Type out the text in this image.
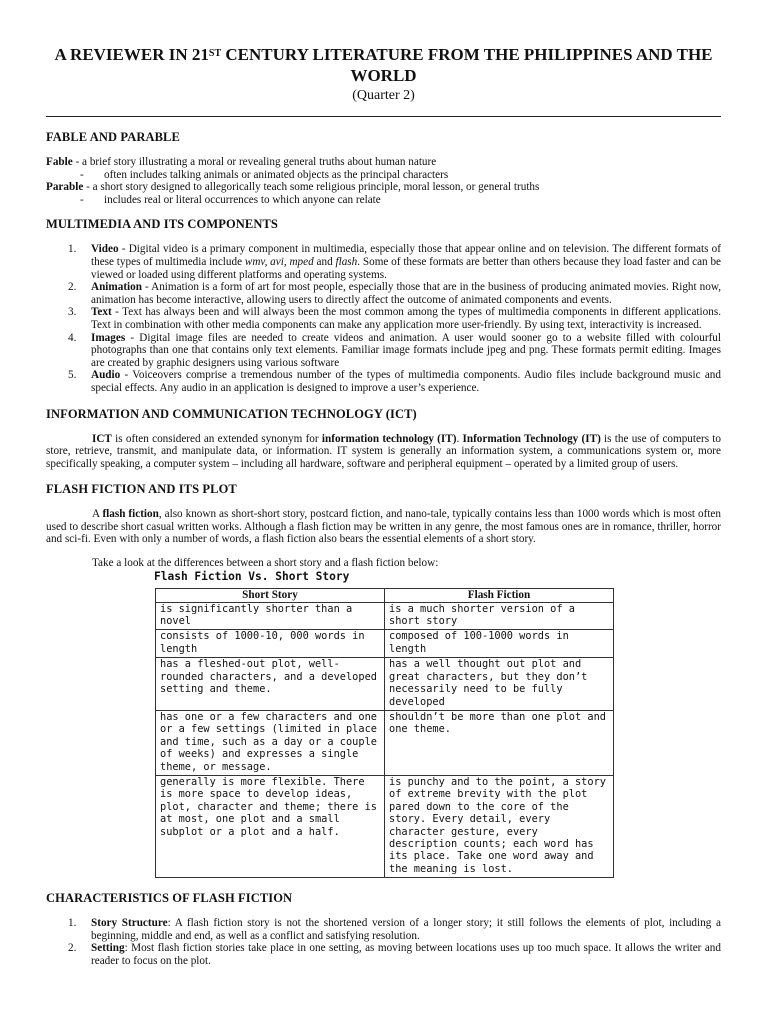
A REVIEWER IN 21ST CENTURY LITERATURE FROM THE PHILIPPINES AND THE WORLD
(Quarter 2)
FABLE AND PARABLE

Fable - a brief story illustrating a moral or revealing general truths about human nature

-	often includes talking animals or animated objects as the principal characters

Parable - a short story designed to allegorically teach some religious principle, moral lesson, or general truths

-	includes real or literal occurrences to which anyone can relate

MULTIMEDIA AND ITS COMPONENTS
1. Video - Digital video is a primary component in multimedia, especially those that appear online and on television. The different formats of these types of multimedia include wmv, avi, mped and flash. Some of these formats are better than others because they load faster and can be viewed or loaded using different platforms and operating systems.
2. Animation - Animation is a form of art for most people, especially those that are in the business of producing animated movies. Right now, animation has become interactive, allowing users to directly affect the outcome of animated components and events.
3. Text - Text has always been and will always been the most common among the types of multimedia components in different applications. Text in combination with other media components can make any application more user-friendly. By using text, interactivity is increased.
4. Images - Digital image files are needed to create videos and animation. A user would sooner go to a website filled with colourful photographs than one that contains only text elements. Familiar image formats include jpeg and png. These formats permit editing. Images are created by graphic designers using various software
5. Audio - Voiceovers comprise a tremendous number of the types of multimedia components. Audio files include background music and special effects. Any audio in an application is designed to improve a user’s experience.
INFORMATION AND COMMUNICATION TECHNOLOGY (ICT)

ICT is often considered an extended synonym for information technology (IT). Information Technology (IT) is the use of computers to store, retrieve, transmit, and manipulate data, or information. IT system is generally an information system, a communications system or, more specifically speaking, a computer system – including all hardware, software and peripheral equipment – operated by a limited group of users.

FLASH FICTION AND ITS PLOT

A flash fiction, also known as short-short story, postcard fiction, and nano-tale, typically contains less than 1000 words which is most often used to describe short casual written works. Although a flash fiction may be written in any genre, the most famous ones are in romance, thriller, horror and sci-fi. Even with only a number of words, a flash fiction also bears the essential elements of a short story.

Take a look at the differences between a short story and a flash fiction below:

Flash Fiction Vs. Short Story
Short Story	Flash Fiction
is significantly shorter than a novel	is a much shorter version of a short story
consists of 1000-10, 000 words in length	composed of 100-1000 words in length
has a fleshed-out plot, well-rounded characters, and a developed setting and theme.	has a well thought out plot and great characters, but they don’t necessarily need to be fully developed
has one or a few characters and one or a few settings (limited in place and time, such as a day or a couple of weeks) and expresses a single theme, or message.	shouldn’t be more than one plot and one theme.
generally is more flexible. There is more space to develop ideas, plot, character and theme; there is at most, one plot and a small subplot or a plot and a half.	is punchy and to the point, a story of extreme brevity with the plot pared down to the core of the story. Every detail, every character gesture, every description counts; each word has its place. Take one word away and the meaning is lost.
CHARACTERISTICS OF FLASH FICTION
1. Story Structure: A flash fiction story is not the shortened version of a longer story; it still follows the elements of plot, including a beginning, middle and end, as well as a conflict and satisfying resolution.
2. Setting: Most flash fiction stories take place in one setting, as moving between locations uses up too much space. It allows the writer and reader to focus on the plot.
